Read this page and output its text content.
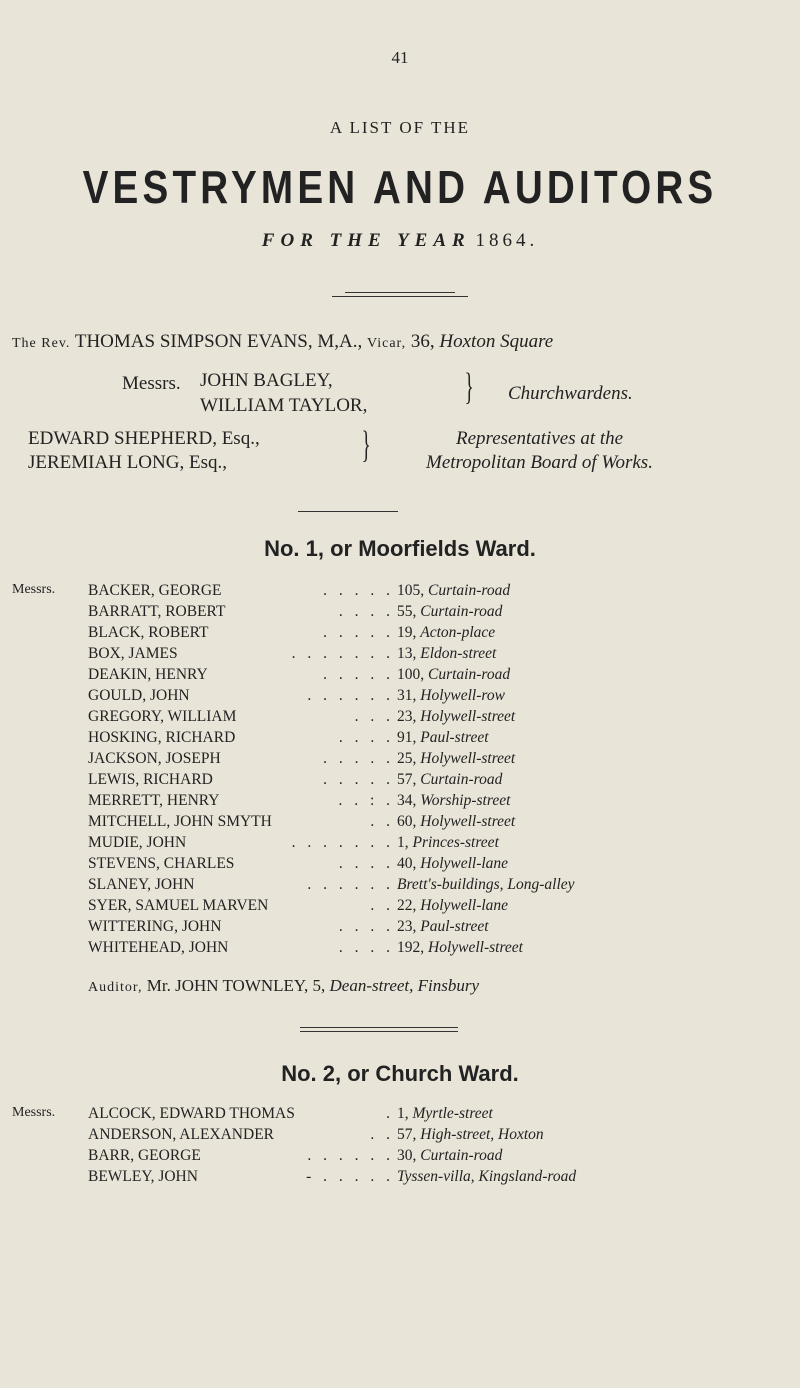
41
A LIST OF THE
VESTRYMEN AND AUDITORS
FOR THE YEAR 1864.
The Rev. THOMAS SIMPSON EVANS, M,A., Vicar, 36, Hoxton Square
Messrs. JOHN BAGLEY,
WILLIAM TAYLOR,	} Churchwardens.
EDWARD SHEPHERD, Esq.,
JEREMIAH LONG, Esq.,	}	Representatives at the
Metropolitan Board of Works.
No. 1, or Moorfields Ward.
Messrs.	BACKER, GEORGE	. . . . . 105, Curtain-road
BARRATT, ROBERT	. . . . 55, Curtain-road
BLACK, ROBERT	. . . . . 19, Acton-place
BOX, JAMES	. . . . . . . 13, Eldon-street
DEAKIN, HENRY	. . . . . 100, Curtain-road
GOULD, JOHN	. . . . . . 31, Holywell-row
GREGORY, WILLIAM	. . . 23, Holywell-street
HOSKING, RICHARD	. . . . 91, Paul-street
JACKSON, JOSEPH	. . . . . 25, Holywell-street
LEWIS, RICHARD	. . . . . 57, Curtain-road
MERRETT, HENRY	. . : . 34, Worship-street
MITCHELL, JOHN SMYTH	. . 60, Holywell-street
MUDIE, JOHN	. . . . . . . 1, Princes-street
STEVENS, CHARLES	. . . . 40, Holywell-lane
SLANEY, JOHN	. . . . . . Brett's-buildings, Long-alley
SYER, SAMUEL MARVEN	. . 22, Holywell-lane
WITTERING, JOHN	. . . . 23, Paul-street
WHITEHEAD, JOHN	. . . . 192, Holywell-street
Auditor, Mr. JOHN TOWNLEY, 5, Dean-street, Finsbury
No. 2, or Church Ward.
Messrs.	ALCOCK, EDWARD THOMAS	. 1, Myrtle-street
ANDERSON, ALEXANDER	. . 57, High-street, Hoxton
BARR, GEORGE	. . . . . . 30, Curtain-road
BEWLEY, JOHN	- . . . . . Tyssen-villa, Kingsland-road
